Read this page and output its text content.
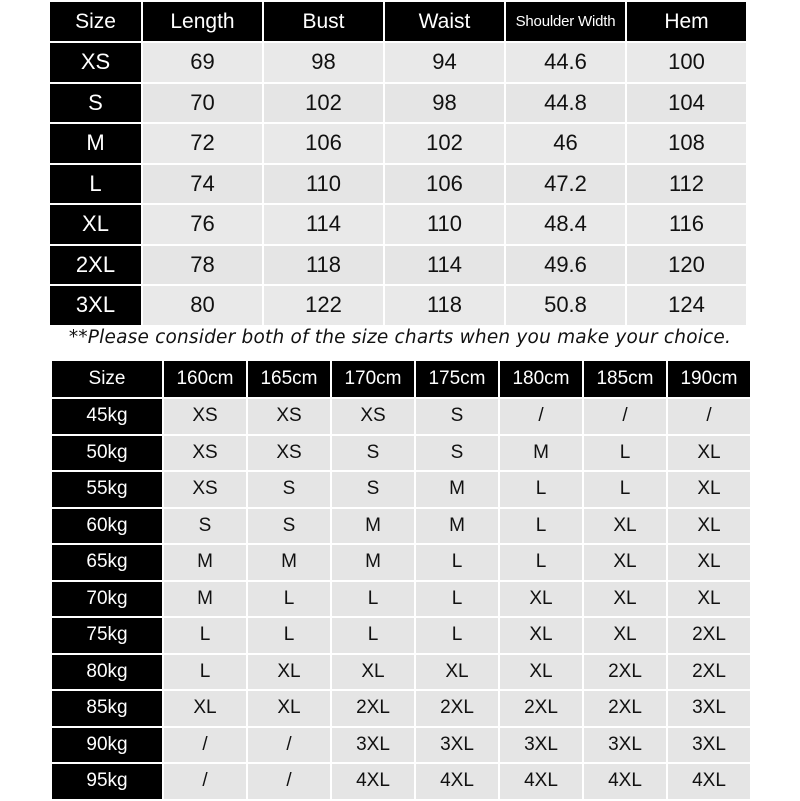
Size	Length	Bust	Waist	Shoulder Width	Hem
XS	69	98	94	44.6	100
S	70	102	98	44.8	104
M	72	106	102	46	108
L	74	110	106	47.2	112
XL	76	114	110	48.4	116
2XL	78	118	114	49.6	120
3XL	80	122	118	50.8	124
**Please consider both of the size charts when you make your choice.
Size	160cm	165cm	170cm	175cm	180cm	185cm	190cm
45kg	XS	XS	XS	S	/	/	/
50kg	XS	XS	S	S	M	L	XL
55kg	XS	S	S	M	L	L	XL
60kg	S	S	M	M	L	XL	XL
65kg	M	M	M	L	L	XL	XL
70kg	M	L	L	L	XL	XL	XL
75kg	L	L	L	L	XL	XL	2XL
80kg	L	XL	XL	XL	XL	2XL	2XL
85kg	XL	XL	2XL	2XL	2XL	2XL	3XL
90kg	/	/	3XL	3XL	3XL	3XL	3XL
95kg	/	/	4XL	4XL	4XL	4XL	4XL
